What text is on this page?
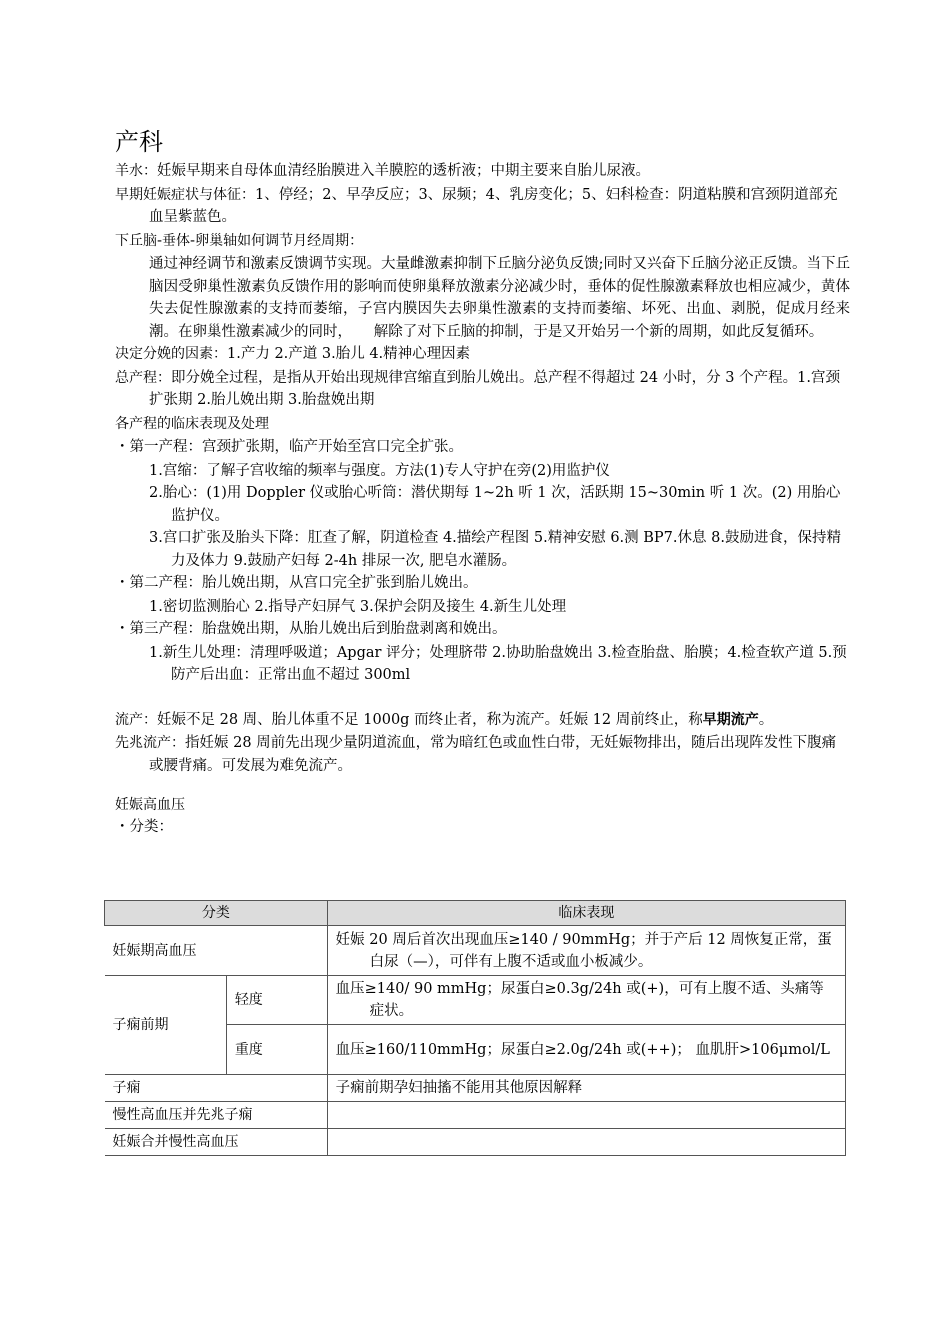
产科

羊水：妊娠早期来自母体血清经胎膜进入羊膜腔的透析液；中期主要来自胎儿尿液。

早期妊娠症状与体征：1、停经；2、早孕反应；3、尿频；4、乳房变化；5、妇科检查：阴道粘膜和宫颈阴道部充血呈紫蓝色。

下丘脑-垂体-卵巢轴如何调节月经周期：

通过神经调节和激素反馈调节实现。大量雌激素抑制下丘脑分泌负反馈;同时又兴奋下丘脑分泌正反馈。当下丘脑因受卵巢性激素负反馈作用的影响而使卵巢释放激素分泌减少时，垂体的促性腺激素释放也相应减少，黄体失去促性腺激素的支持而萎缩，子宫内膜因失去卵巢性激素的支持而萎缩、坏死、出血、剥脱，促成月经来潮。在卵巢性激素减少的同时，　　解除了对下丘脑的抑制，于是又开始另一个新的周期，如此反复循环。

决定分娩的因素：1.产力 2.产道 3.胎儿 4.精神心理因素

总产程：即分娩全过程，是指从开始出现规律宫缩直到胎儿娩出。总产程不得超过 24 小时，分 3 个产程。1.宫颈扩张期 2.胎儿娩出期 3.胎盘娩出期

各产程的临床表现及处理

・第一产程：宫颈扩张期，临产开始至宫口完全扩张。

1.宫缩：了解子宫收缩的频率与强度。方法(1)专人守护在旁(2)用监护仪

2.胎心：(1)用 Doppler 仪或胎心听筒：潜伏期每 1~2h 听 1 次，活跃期 15~30min 听 1 次。(2) 用胎心监护仪。

3.宫口扩张及胎头下降：肛查了解，阴道检查 4.描绘产程图 5.精神安慰 6.测 BP7.休息 8.鼓励进食，保持精力及体力 9.鼓励产妇每 2-4h 排尿一次, 肥皂水灌肠。

・第二产程：胎儿娩出期，从宫口完全扩张到胎儿娩出。

1.密切监测胎心 2.指导产妇屏气 3.保护会阴及接生 4.新生儿处理

・第三产程：胎盘娩出期，从胎儿娩出后到胎盘剥离和娩出。

1.新生儿处理：清理呼吸道；Apgar 评分；处理脐带 2.协助胎盘娩出 3.检查胎盘、胎膜；4.检查软产道 5.预防产后出血：正常出血不超过 300ml

流产：妊娠不足 28 周、胎儿体重不足 1000g 而终止者，称为流产。妊娠 12 周前终止，称早期流产。

先兆流产：指妊娠 28 周前先出现少量阴道流血，常为暗红色或血性白带，无妊娠物排出，随后出现阵发性下腹痛或腰背痛。可发展为难免流产。

妊娠高血压

・分类：

分类		临床表现
妊娠期高血压		妊娠 20 周后首次出现血压≥140 / 90mmHg；并于产后 12 周恢复正常，蛋白尿（—），可伴有上腹不适或血小板减少。

子痫前期	轻度	血压≥140/ 90 mmHg；尿蛋白≥0.3g/24h 或(+)，可有上腹不适、头痛等症状。

	重度	血压≥160/110mmHg；尿蛋白≥2.0g/24h 或(++)； 血肌肝>106μmol/L

子痫		子痫前期孕妇抽搐不能用其他原因解释
慢性高血压并先兆子痫		
妊娠合并慢性高血压		
